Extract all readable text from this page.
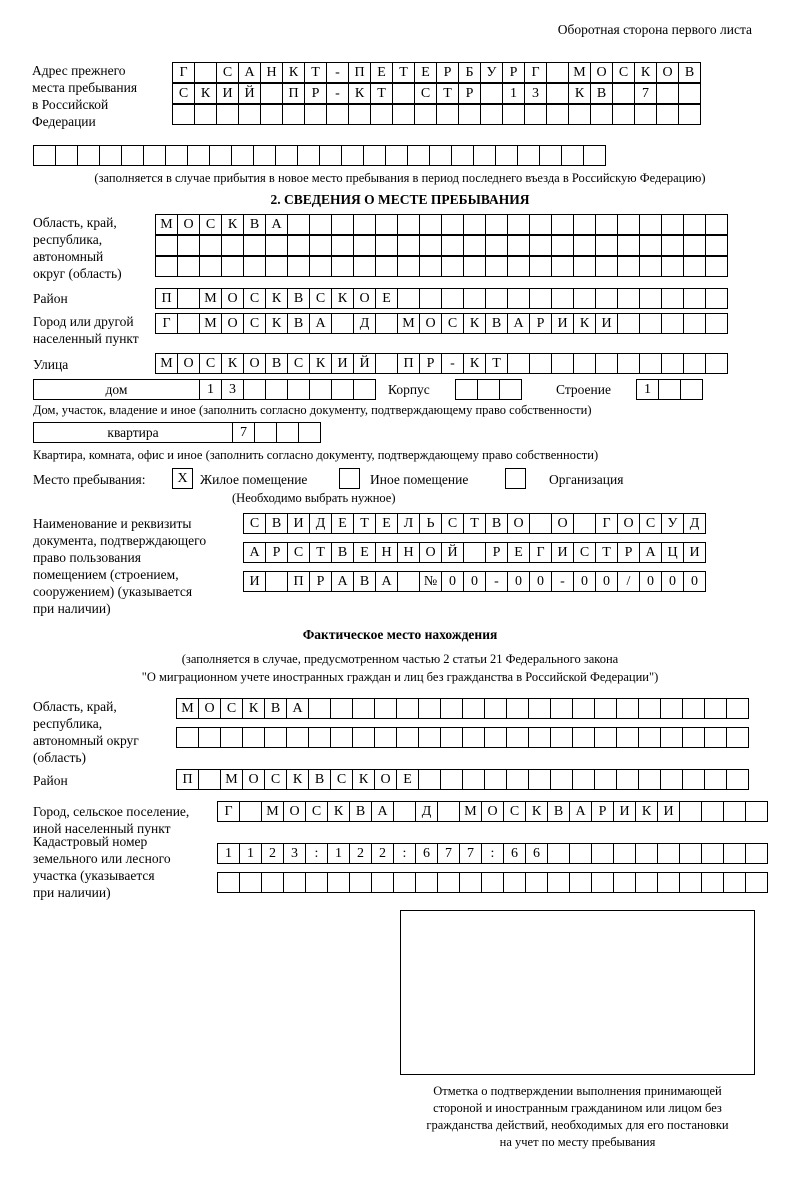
Оборотная сторона первого листа
Адрес прежнего
места пребывания
в Российской
Федерации
Г	С А Н К Т	-	П Е Т Е Р	Б У Р	Г	М О С К О В
С К И Й	П Р	-	К Т	С Т Р	1	3	К В	7
(заполняется в случае прибытия в новое место пребывания в период последнего въезда в Российскую Федерацию)
2. СВЕДЕНИЯ О МЕСТЕ ПРЕБЫВАНИЯ
Область, край,
республика,
автономный
округ (область)
М О С К В А
Район	П	М О С К В С К О Е
Город или другой
населенный пункт
Г	М О С К В А	Д	М О С К В А Р И К И
Улица	М О С К О В С К И Й	П Р	-	К Т
дом	1	3	Корпус	Строение	1
Дом, участок, владение и иное (заполнить согласно документу, подтверждающему право собственности)
квартира	7
Квартира, комната, офис и иное (заполнить согласно документу, подтверждающему право собственности)
Место пребывания:	X Жилое помещение	Иное помещение	Организация
(Необходимо выбрать нужное)
Наименование и реквизиты
документа, подтверждающего
право пользования
помещением (строением,
сооружением) (указывается
при наличии)
С В И Д Е Т Е Л Ь С Т В О	О	Г О С У Д
А Р С Т В Е Н Н О Й	Р Е Г И С Т Р А Ц И
И	П Р А В А	№ 0	0	-	0	0	-	0	0	/	0	0	0
Фактическое место нахождения
(заполняется в случае, предусмотренном частью 2 статьи 21 Федерального закона
"О миграционном учете иностранных граждан и лиц без гражданства в Российской Федерации")
Область, край,
республика,
автономный округ
(область)
М О С К В А
Район	П	М О С К В С К О Е
Город, сельское поселение,
иной населенный пункт
Г	М О С К В А	Д	М О С К В А Р И К И
Кадастровый номер
земельного или лесного
участка (указывается
при наличии)
1	1	2	3	:	1	2	2	:	6	7	7	:	6	6
Отметка о подтверждении выполнения принимающей
стороной и иностранным гражданином или лицом без
гражданства действий, необходимых для его постановки
на учет по месту пребывания
